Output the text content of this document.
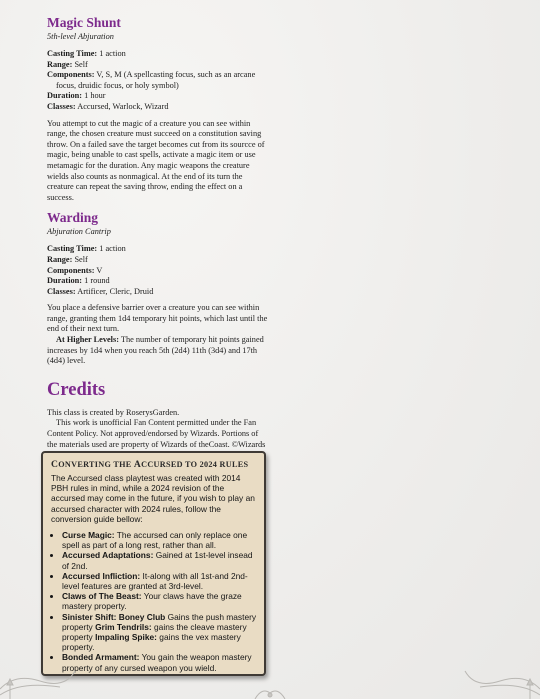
Magic Shunt

5th-level Abjuration

Casting Time: 1 action

Range: Self

Components: V, S, M (A spellcasting focus, such as an arcane focus, druidic focus, or holy symbol)

Duration: 1 hour

Classes: Accursed, Warlock, Wizard

You attempt to cut the magic of a creature you can see within range, the chosen creature must succeed on a constitution saving throw. On a failed save the target becomes cut from its sourcce of magic, being unable to cast spells, activate a magic item or use metamagic for the duration. Any magic weapons the creature wields also counts as nonmagical. At the end of its turn the creature can repeat the saving throw, ending the effect on a success.

Warding

Abjuration Cantrip

Casting Time: 1 action

Range: Self

Components: V

Duration: 1 round

Classes: Artificer, Cleric, Druid

You place a defensive barrier over a creature you can see within range, granting them 1d4 temporary hit points, which last until the end of their next turn.

At Higher Levels: The number of temporary hit points gained increases by 1d4 when you reach 5th (2d4) 11th (3d4) and 17th (4d4) level.

Credits

This class is created by RoserysGarden.

This work is unofficial Fan Content permitted under the Fan Content Policy. Not approved/endorsed by Wizards. Portions of the materials used are property of Wizards of theCoast. ©Wizards

CONVERTING THE ACCURSED TO 2024 RULES

The Accursed class playtest was created with 2014 PBH rules in mind, while a 2024 revision of the accursed may come in the future, if you wish to play an accursed character with 2024 rules, follow the conversion guide bellow:

• Curse Magic: The accursed can only replace one spell as part of a long rest, rather than all.
• Accursed Adaptations: Gained at 1st-level insead of 2nd.
• Accursed Infliction: It-along with all 1st-and 2nd-level features are granted at 3rd-level.
• Claws of The Beast: Your claws have the graze mastery property.
• Sinister Shift: Boney Club Gains the push mastery property Grim Tendrils: gains the cleave mastery property Impaling Spike: gains the vex mastery property.
• Bonded Armament: You gain the weapon mastery property of any cursed weapon you wield.
